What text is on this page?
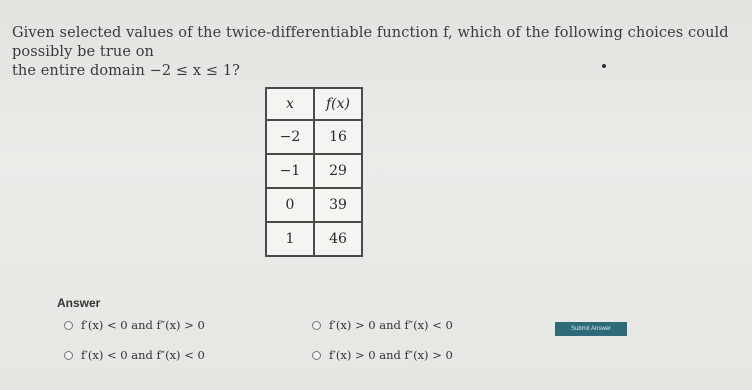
Given selected values of the twice-differentiable function f, which of the following choices could possibly be true on
the entire domain −2 ≤ x ≤ 1?
x	f(x)
−2	16
−1	29
0	39
1	46
Answer
f′(x) < 0 and f″(x) > 0	f′(x) > 0 and f″(x) < 0
f′(x) < 0 and f″(x) < 0	f′(x) > 0 and f″(x) > 0
Submit Answer
